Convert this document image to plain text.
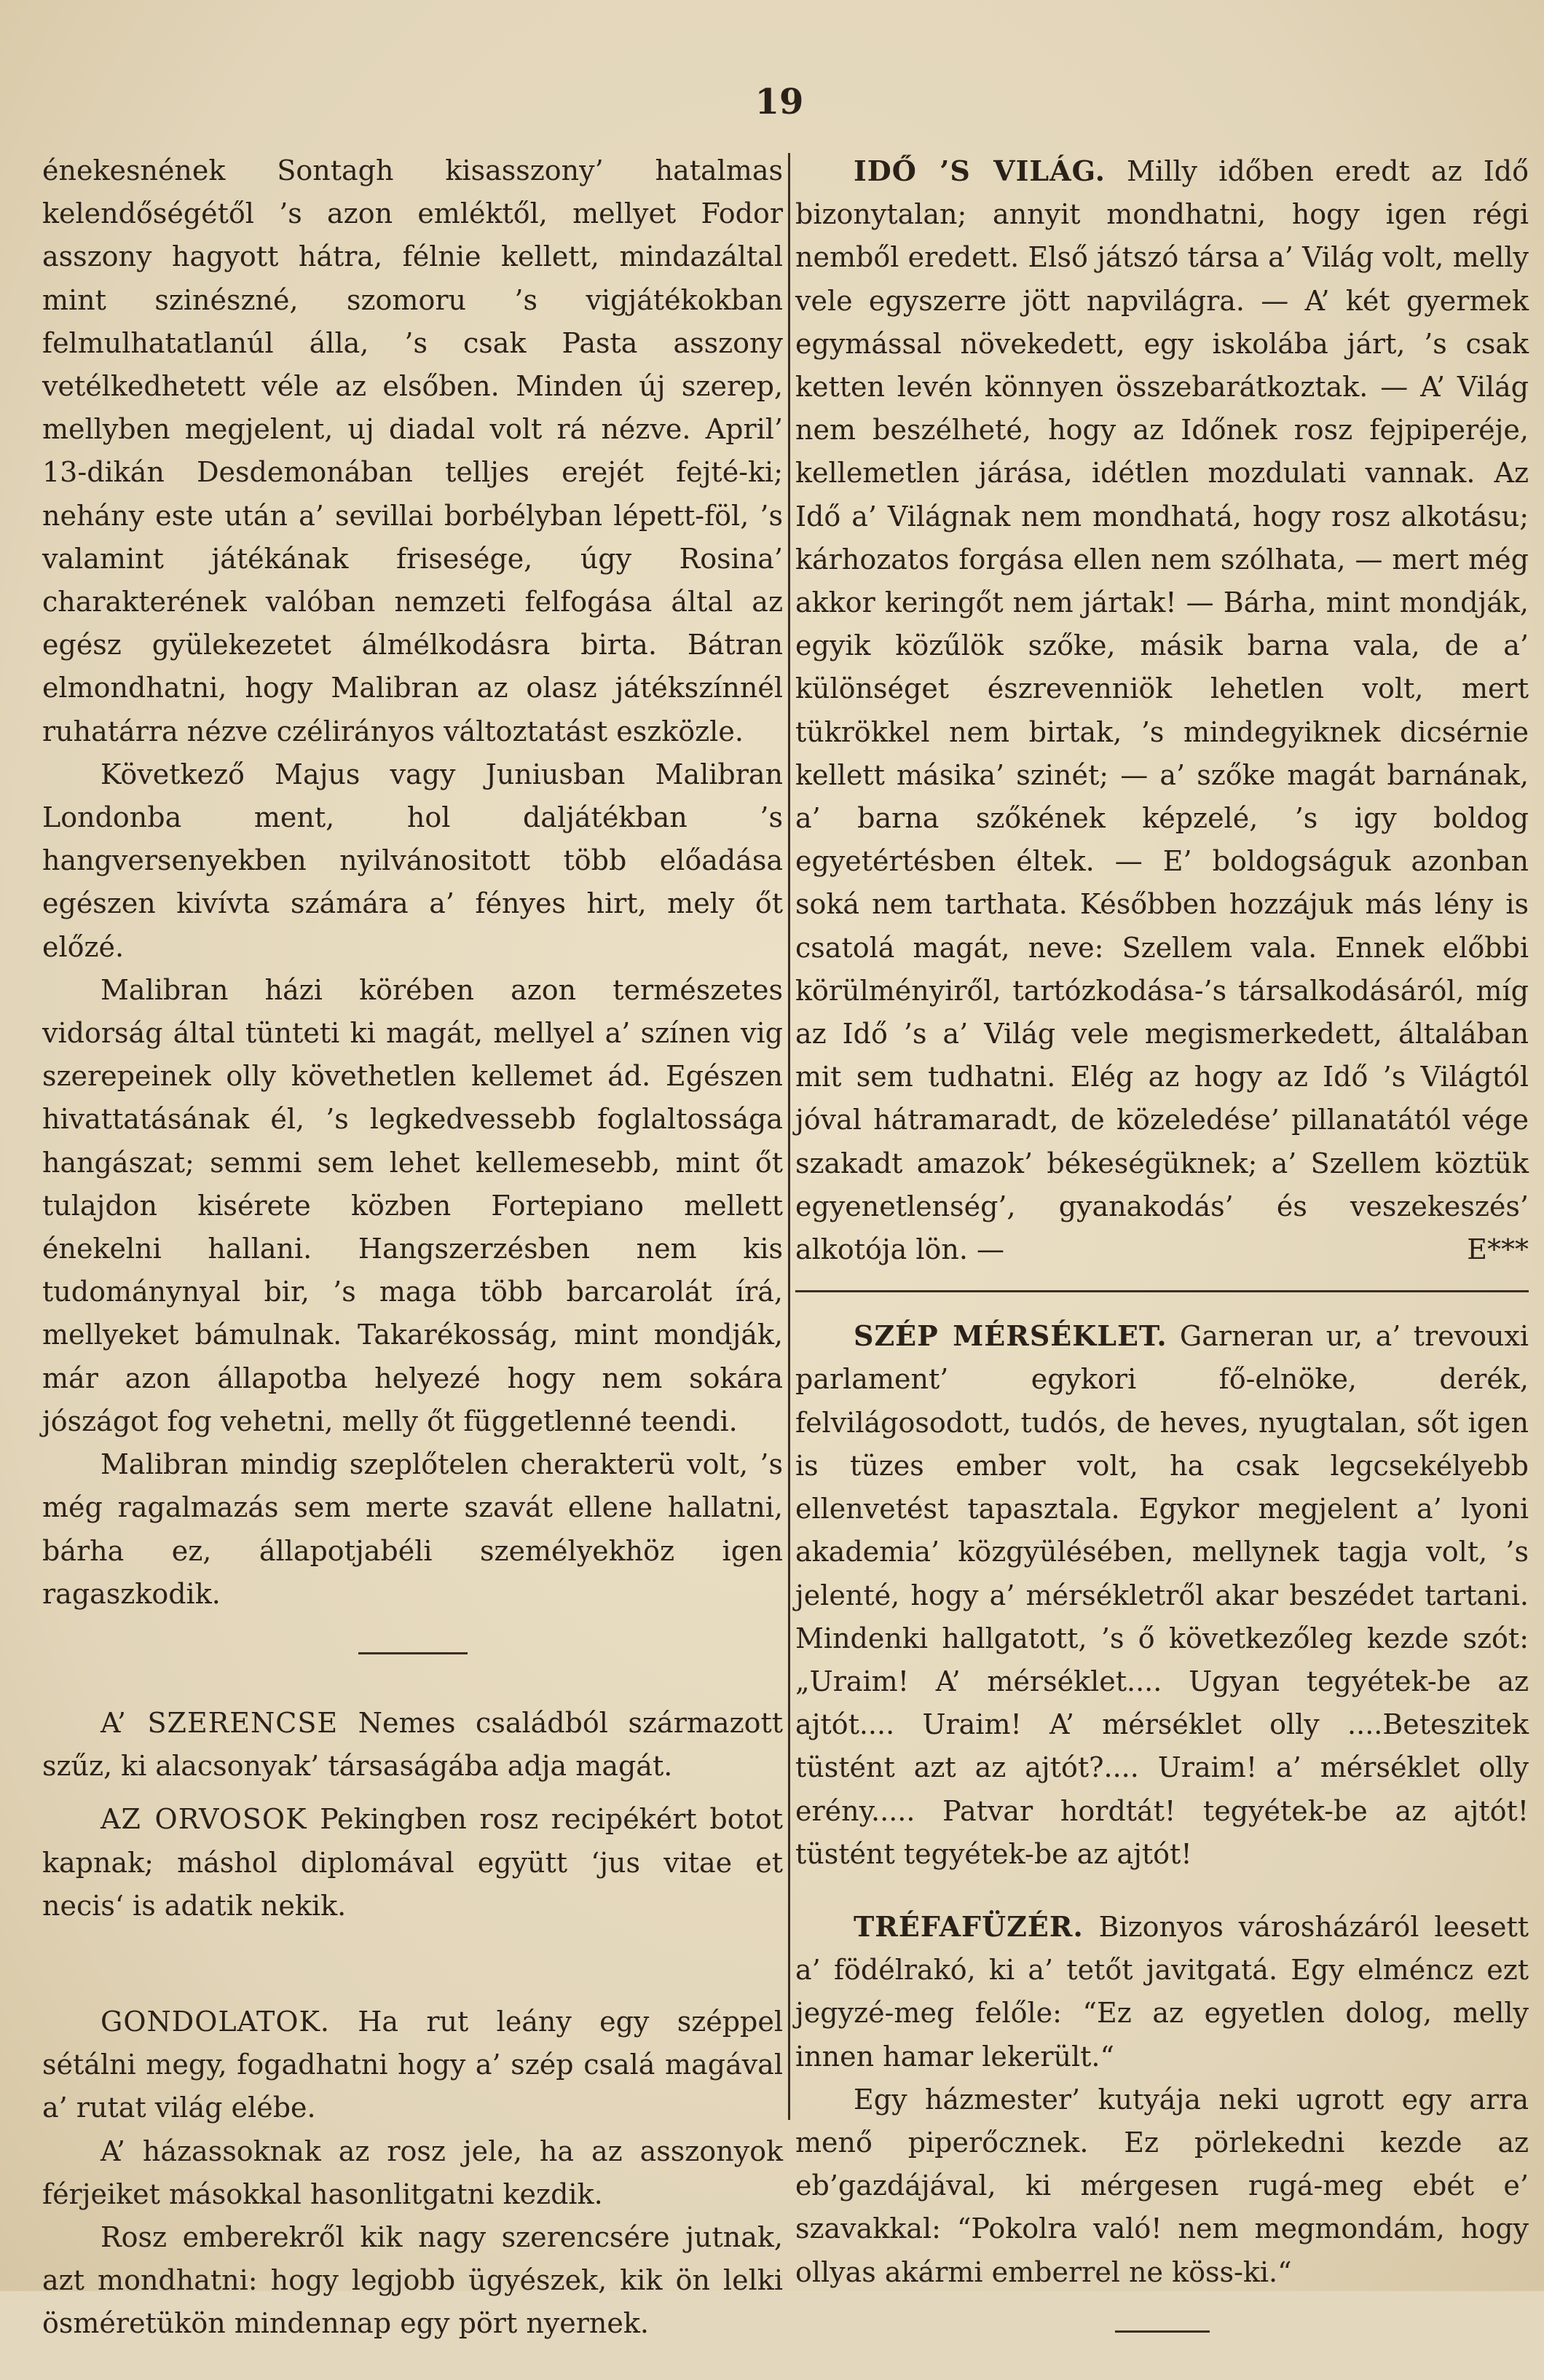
19

énekesnének Sontagh kisasszony’ hatalmas kelendőségétől ’s azon emléktől, mellyet Fodor asszony hagyott hátra, félnie kellett, mindazáltal mint szinészné, szomoru ’s vigjátékokban felmulhatatlanúl álla, ’s csak Pasta asszony vetélkedhetett véle az elsőben. Minden új szerep, mellyben megjelent, uj diadal volt rá nézve. April’ 13-dikán Desdemonában telljes erejét fejté-ki; nehány este után a’ sevillai borbélyban lépett-föl, ’s valamint játékának frisesége, úgy Rosina’ charakterének valóban nemzeti felfogása által az egész gyülekezetet álmélkodásra birta. Bátran elmondhatni, hogy Malibran az olasz játékszínnél ruhatárra nézve czélirányos változtatást eszközle.

Következő Majus vagy Juniusban Malibran Londonba ment, hol daljátékban ’s hangversenyekben nyilvánositott több előadása egészen kivívta számára a’ fényes hirt, mely őt előzé.

Malibran házi körében azon természetes vidorság által tünteti ki magát, mellyel a’ színen vig szerepeinek olly követhetlen kellemet ád. Egészen hivattatásának él, ’s legkedvessebb foglaltossága hangászat; semmi sem lehet kellemesebb, mint őt tulajdon kisérete közben Fortepiano mellett énekelni hallani. Hangszerzésben nem kis tudománynyal bir, ’s maga több barcarolát írá, mellyeket bámulnak. Takarékosság, mint mondják, már azon állapotba helyezé hogy nem sokára jószágot fog vehetni, melly őt függetlenné teendi.

Malibran mindig szeplőtelen cherakterü volt, ’s még ragalmazás sem merte szavát ellene hallatni, bárha ez, állapotjabéli személyekhöz igen ragaszkodik.

A’ SZERENCSE Nemes családból származott szűz, ki alacsonyak’ társaságába adja magát.

AZ ORVOSOK Pekingben rosz recipékért botot kapnak; máshol diplomával együtt ‘jus vitae et necis‘ is adatik nekik.

GONDOLATOK. Ha rut leány egy széppel sétálni megy, fogadhatni hogy a’ szép csalá magával a’ rutat világ elébe.

A’ házassoknak az rosz jele, ha az asszonyok férjeiket másokkal hasonlitgatni kezdik.

Rosz emberekről kik nagy szerencsére jutnak, azt mondhatni: hogy legjobb ügyészek, kik ön lelki ösméretükön mindennap egy pört nyernek.

IDŐ ’S VILÁG. Milly időben eredt az Idő bizonytalan; annyit mondhatni, hogy igen régi nemből eredett. Első játszó társa a’ Világ volt, melly vele egyszerre jött napvilágra. — A’ két gyermek egymással növekedett, egy iskolába járt, ’s csak ketten levén könnyen összebarátkoztak. — A’ Világ nem beszélheté, hogy az Időnek rosz fejpiperéje, kellemetlen járása, idétlen mozdulati vannak. Az Idő a’ Világnak nem mondhatá, hogy rosz alkotásu; kárhozatos forgása ellen nem szólhata, — mert még akkor keringőt nem jártak! — Bárha, mint mondják, egyik közűlök szőke, másik barna vala, de a’ különséget észrevenniök lehetlen volt, mert tükrökkel nem birtak, ’s mindegyiknek dicsérnie kellett másika’ szinét; — a’ szőke magát barnának, a’ barna szőkének képzelé, ’s igy boldog egyetértésben éltek. — E’ boldogságuk azonban soká nem tarthata. Későbben hozzájuk más lény is csatolá magát, neve: Szellem vala. Ennek előbbi körülményiről, tartózkodása-’s társalkodásáról, míg az Idő ’s a’ Világ vele megismerkedett, általában mit sem tudhatni. Elég az hogy az Idő ’s Világtól jóval hátramaradt, de közeledése’ pillanatától vége szakadt amazok’ békeségüknek; a’ Szellem köztük egyenetlenség’, gyanakodás’ és veszekeszés’ alkotója lön. —	E***

SZÉP MÉRSÉKLET. Garneran ur, a’ trevouxi parlament’ egykori fő-elnöke, derék, felvilágosodott, tudós, de heves, nyugtalan, sőt igen is tüzes ember volt, ha csak legcsekélyebb ellenvetést tapasztala. Egykor megjelent a’ lyoni akademia’ közgyülésében, mellynek tagja volt, ’s jelenté, hogy a’ mérsékletről akar beszédet tartani. Mindenki hallgatott, ’s ő következőleg kezde szót: „Uraim! A’ mérséklet.... Ugyan tegyétek-be az ajtót.... Uraim! A’ mérséklet olly ....Beteszitek tüstént azt az ajtót?.... Uraim! a’ mérséklet olly erény..... Patvar hordtát! tegyétek-be az ajtót! tüstént tegyétek-be az ajtót!

TRÉFAFÜZÉR. Bizonyos városházáról leesett a’ födélrakó, ki a’ tetőt javitgatá. Egy elméncz ezt jegyzé-meg felőle: “Ez az egyetlen dolog, melly innen hamar lekerült.“

Egy házmester’ kutyája neki ugrott egy arra menő piperőcznek. Ez pörlekedni kezde az eb’gazdájával, ki mérgesen rugá-meg ebét e’ szavakkal: “Pokolra való! nem megmondám, hogy ollyas akármi emberrel ne köss-ki.“
